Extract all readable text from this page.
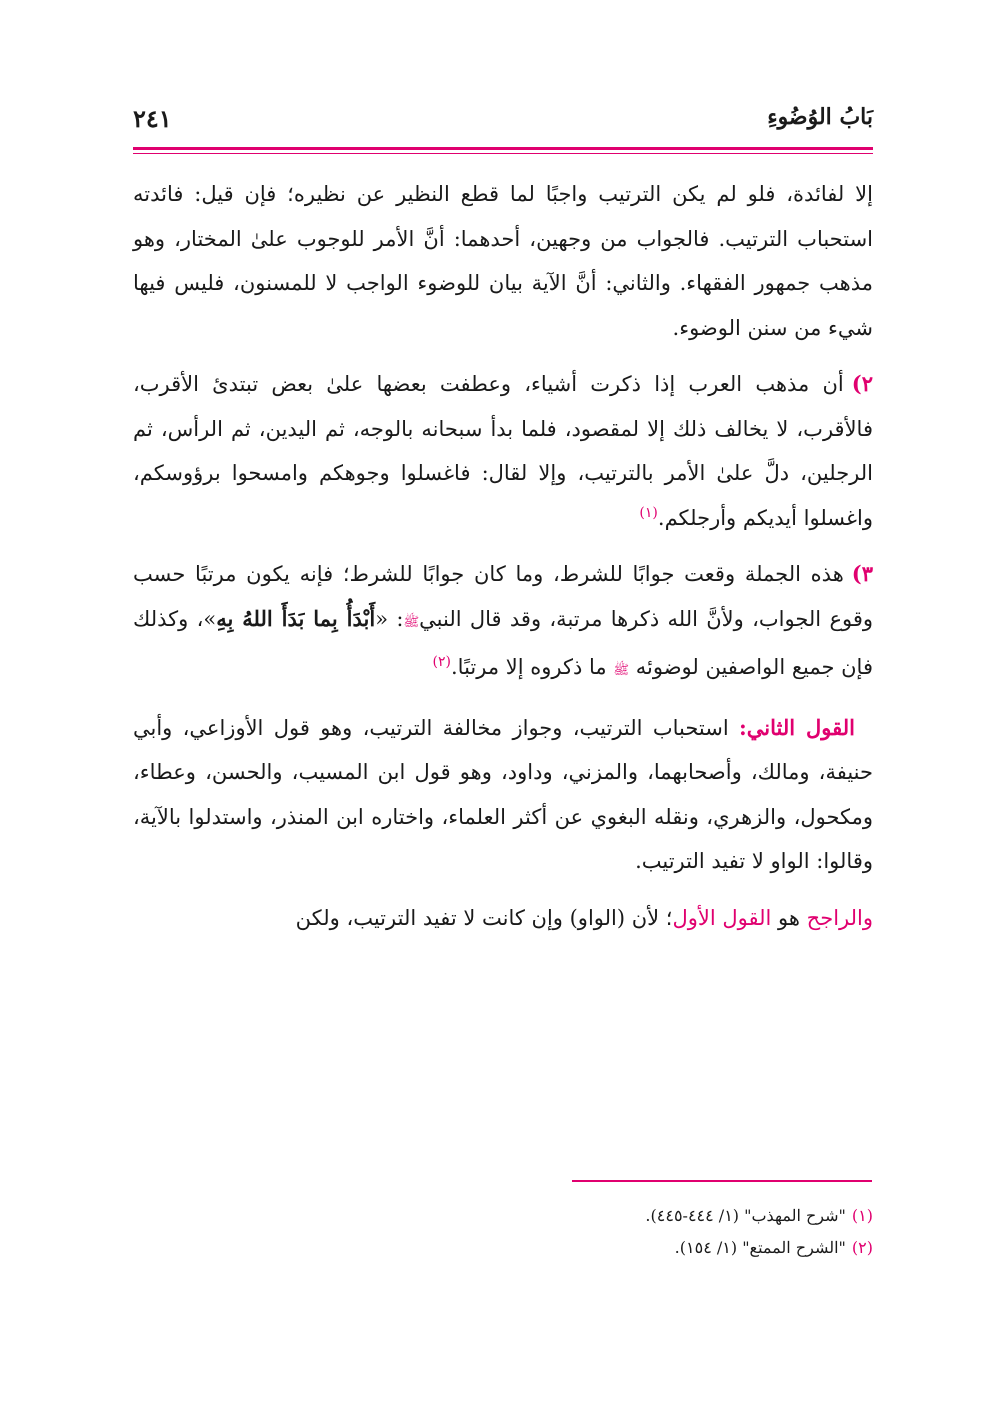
بَابُ الوُضُوءِ
٢٤١

إلا لفائدة، فلو لم يكن الترتيب واجبًا لما قطع النظير عن نظيره؛ فإن قيل: فائدته استحباب الترتيب. فالجواب من وجهين، أحدهما: أنَّ الأمر للوجوب علىٰ المختار، وهو مذهب جمهور الفقهاء. والثاني: أنَّ الآية بيان للوضوء الواجب لا للمسنون، فليس فيها شيء من سنن الوضوء.

٢)أن مذهب العرب إذا ذكرت أشياء، وعطفت بعضها علىٰ بعض تبتدئ الأقرب، فالأقرب، لا يخالف ذلك إلا لمقصود، فلما بدأ سبحانه بالوجه، ثم اليدين، ثم الرأس، ثم الرجلين، دلَّ علىٰ الأمر بالترتيب، وإلا لقال: فاغسلوا وجوهكم وامسحوا برؤوسكم، واغسلوا أيديكم وأرجلكم.$^{(١)}$

٣)هذه الجملة وقعت جوابًا للشرط، وما كان جوابًا للشرط؛ فإنه يكون مرتبًا حسب وقوع الجواب، ولأنَّ الله ذكرها مرتبة، وقد قال النبيﷺ: «أَبْدَأُ بِما بَدَأَ اللهُ بِهِ»، وكذلك فإن جميع الواصفين لوضوئه ﷺ ما ذكروه إلا مرتبًا.$^{(٢)}$

القول الثاني: استحباب الترتيب، وجواز مخالفة الترتيب، وهو قول الأوزاعي، وأبي حنيفة، ومالك، وأصحابهما، والمزني، وداود، وهو قول ابن المسيب، والحسن، وعطاء، ومكحول، والزهري، ونقله البغوي عن أكثر العلماء، واختاره ابن المنذر، واستدلوا بالآية، وقالوا: الواو لا تفيد الترتيب.

والراجح هو القول الأول؛ لأن (الواو) وإن كانت لا تفيد الترتيب، ولكن

(١)"شرح المهذب" (١/ ٤٤٤-٤٤٥).

(٢)"الشرح الممتع" (١/ ١٥٤).
